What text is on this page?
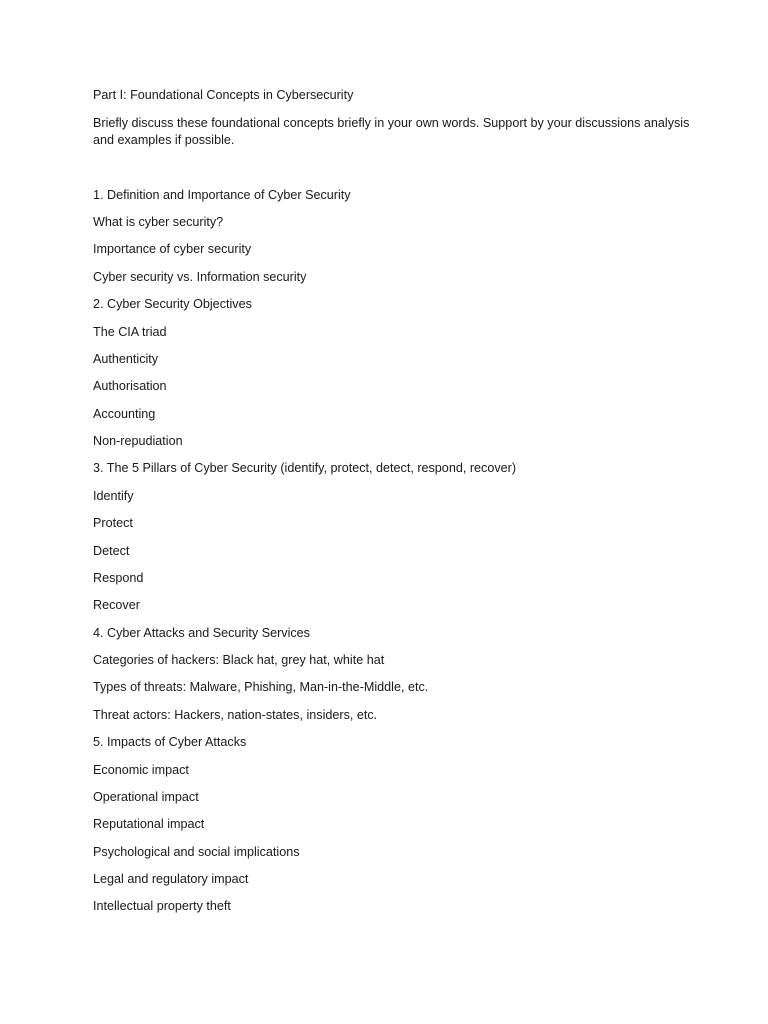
Part I: Foundational Concepts in Cybersecurity
Briefly discuss these foundational concepts briefly in your own words. Support by your discussions analysis and examples if possible.
1. Definition and Importance of Cyber Security
What is cyber security?
Importance of cyber security
Cyber security vs. Information security
2. Cyber Security Objectives
The CIA triad
Authenticity
Authorisation
Accounting
Non-repudiation
3. The 5 Pillars of Cyber Security (identify, protect, detect, respond, recover)
Identify
Protect
Detect
Respond
Recover
4. Cyber Attacks and Security Services
Categories of hackers: Black hat, grey hat, white hat
Types of threats: Malware, Phishing, Man-in-the-Middle, etc.
Threat actors: Hackers, nation-states, insiders, etc.
5. Impacts of Cyber Attacks
Economic impact
Operational impact
Reputational impact
Psychological and social implications
Legal and regulatory impact
Intellectual property theft
